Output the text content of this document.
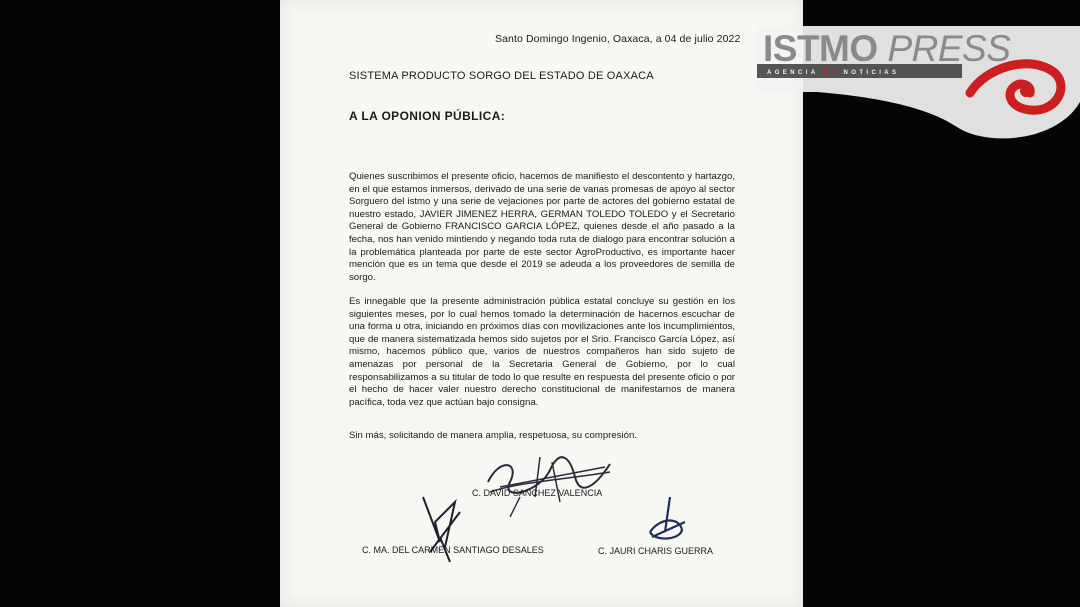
Santo Domingo Ingenio, Oaxaca, a 04 de julio 2022
SISTEMA PRODUCTO SORGO DEL ESTADO DE OAXACA
A LA OPONION PÚBLICA:
Quienes suscribimos el presente oficio, hacemos de manifiesto el descontento y hartazgo, en el que estamos inmersos, derivado de una serie de vanas promesas de apoyo al sector Sorguero del istmo y una serie de vejaciones por parte de actores del gobierno estatal de nuestro estado, JAVIER JIMENEZ HERRA, GERMAN TOLEDO TOLEDO y el Secretario General de Gobierno FRANCISCO GARCIA LÓPEZ, quienes desde el año pasado a la fecha, nos han venido mintiendo y negando toda ruta de dialogo para encontrar solución a la problemática planteada por parte de este sector AgroProductivo, es importante hacer mención que es un tema que desde el 2019 se adeuda a los proveedores de semilla de sorgo.
Es innegable que la presente administración pública estatal concluye su gestión en los siguientes meses, por lo cual hemos tomado la determinación de hacernos escuchar de una forma u otra, iniciando en próximos días con movilizaciones ante los incumplimientos, que de manera sistematizada hemos sido sujetos por el Srio. Francisco García López, así mismo, hacemos público que, varios de nuestros compañeros han sido sujeto de amenazas por personal de la Secretaria General de Gobierno, por lo cual responsabilizamos a su titular de todo lo que resulte en respuesta del presente oficio o por el hecho de hacer valer nuestro derecho constitucional de manifestarnos de manera pacífica, toda vez que actúan bajo consigna.
Sin más, solicitando de manera amplia, respetuosa, su compresión.
C. DAVID SANCHEZ VALENCIA
C. MA. DEL CARMEN SANTIAGO DESALES	C. JAURI CHARIS GUERRA
ISTMO PRESS
AGENCIA DE NOTICIAS
